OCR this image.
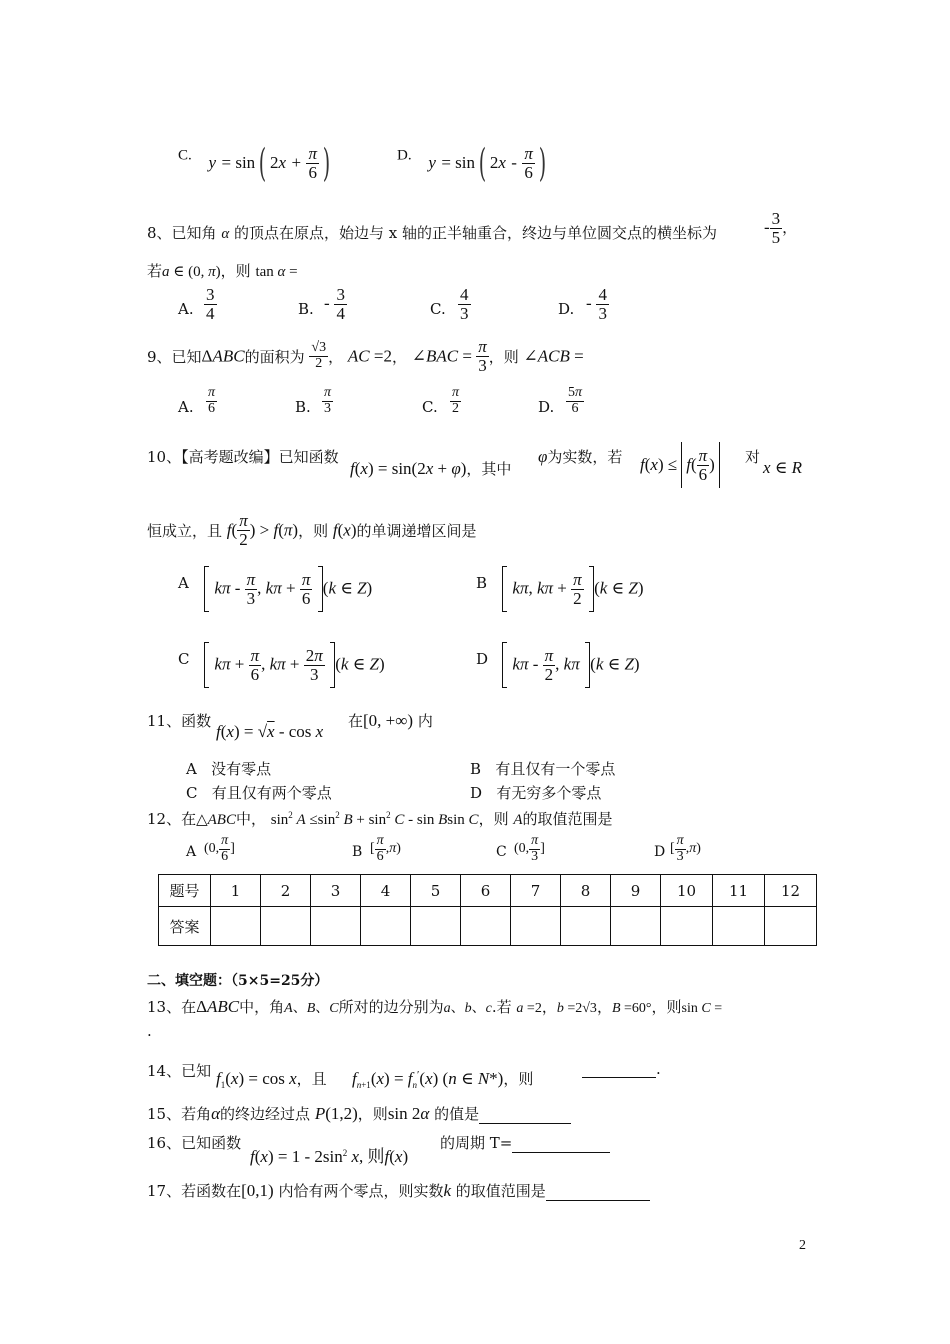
C. y = sin( $2x + \frac{\pi}{6}$ )	D. y = sin( $2x - \frac{\pi}{6}$ )
8、已知角 α 的顶点在原点，始边与 x 轴的正半轴重合，终边与单位圆交点的横坐标为	- $\frac{3}{5}$ ，
若a ∈ (0, π)，则 tan α =
A. $\frac{3}{4}$	B. - $\frac{3}{4}$	C. $\frac{4}{3}$	D. - $\frac{4}{3}$
9、已知ΔABC的面积为 $\frac{√3}{2}$ ， AC =2， ∠BAC = $\frac{\pi}{3}$ ，则 ∠ACB =
A. $\frac{\pi}{6}$	B. $\frac{\pi}{3}$	C. $\frac{\pi}{2}$	D. $\frac{5\pi}{6}$
10、【高考题改编】已知函数
f(x) = sin(2x + φ)，其中
φ为实数，若 $f(x) \le f( \frac{\pi}{6}$ )	对
x ∈ R
恒成立，且 $f( \frac{\pi}{2}$ ) > f(π)，则 f(x)的单调递增区间是
A	kπ - $\frac{\pi}{3}$ , $k\pi + \frac{\pi}{6} (k$ ∈ Z)	B	kπ, $k\pi + \frac{\pi}{2} (k$ ∈ Z)
C	$k\pi + \frac{\pi}{6}$ , $k\pi + \frac{2\pi}{3} (k$ ∈ Z)	D	kπ - $\frac{\pi}{2}$ , kπ (k ∈ Z)
11、函数
f(x) = √x - cos x
在[0, +∞) 内
A 没有零点	B 有且仅有一个零点
C 有且仅有两个零点	D 有无穷多个零点
12、在△ABC中， $\sin^2 A \le\sin^2$ $B + \sin^2 C - \sin Bsin$ C，则 A的取值范围是
A (0, $\frac{\pi}{6}$ ]	B [ $\frac{\pi}{6} ,\pi$)	C (0, $\frac{\pi}{3}$ ]	D [ $\frac{\pi}{3} ,\pi$)
题号	1	2	3	4	5	6	7	8	9	10	11	12
答案												
二、填空题：（5×5=25分）
13、在ΔABC中，角A、B、C所对的边分别为a、b、c.若 a =2，b =2√3，B =60°，则sin C =
.
14、已知 $f_1(x) = \cos x$，且 $f_{n+1}(x) = f_n'(x)$ (n ∈ N*)，则
.
15、若角α的终边经过点 P(1,2)，则sin 2α 的值是
16、已知函数
$f(x) = 1 - 2\sin^2$ x, 则f(x)
的周期 T=
17、若函数在[0,1) 内恰有两个零点，则实数k 的取值范围是
2
